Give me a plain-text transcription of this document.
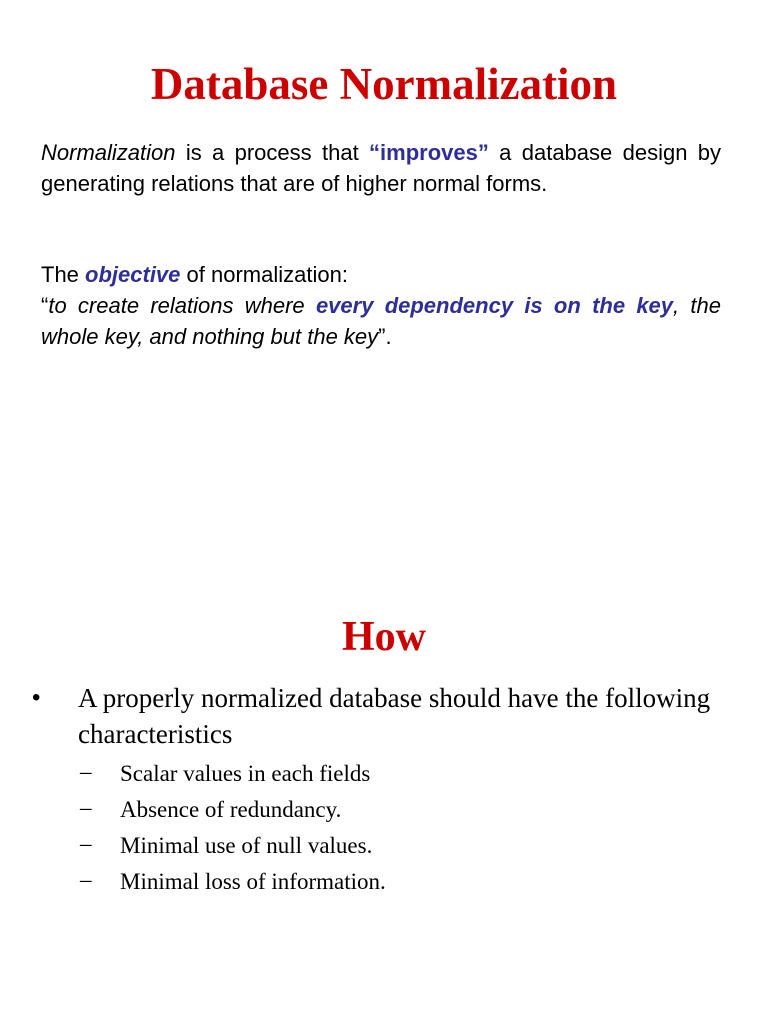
Database Normalization

Normalization is a process that “improves” a database design by generating relations that are of higher normal forms.

The objective of normalization:
“to create relations where every dependency is on the key, the whole key, and nothing but the key”.

How
• A properly normalized database should have the following characteristics
– Scalar values in each fields
– Absence of redundancy.
– Minimal use of null values.
– Minimal loss of information.
